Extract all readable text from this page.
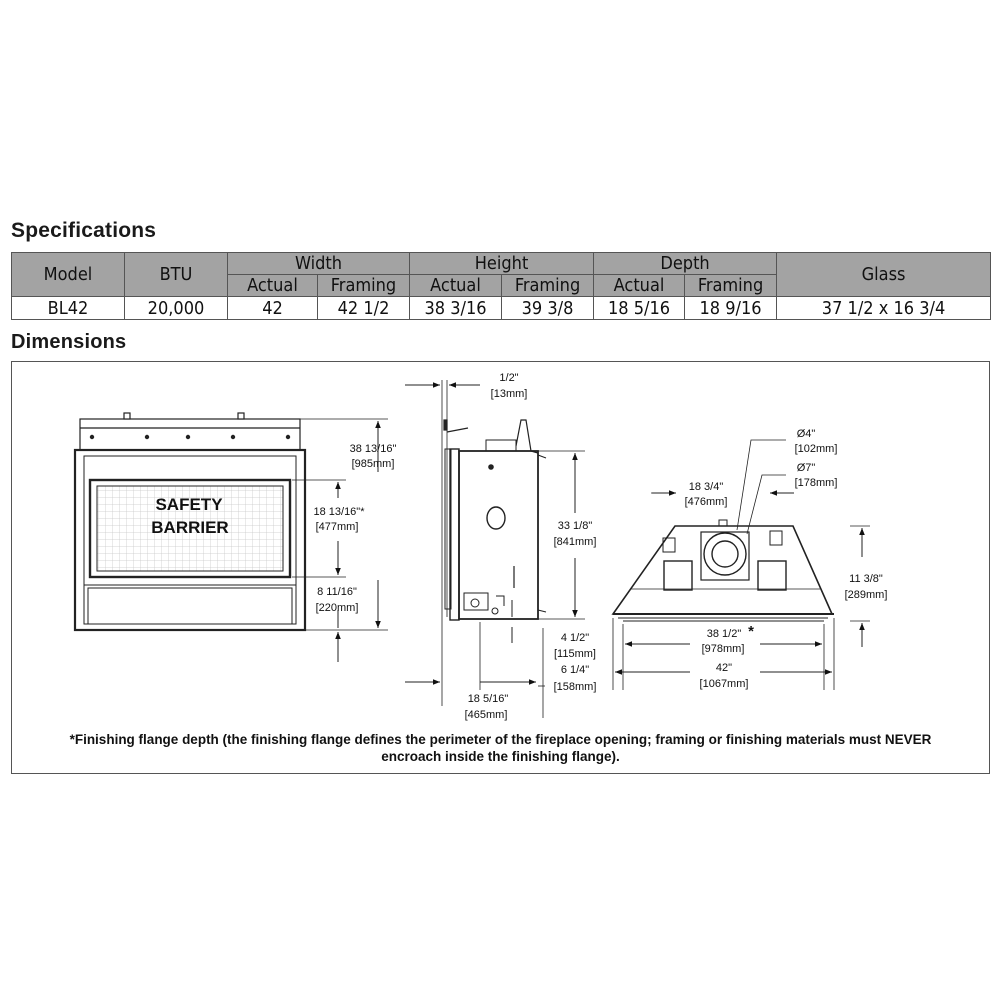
Specifications
Model	BTU	Width		Height		Depth		Glass
		Actual	Framing	Actual	Framing	Actual	Framing	
BL42	20,000	42	42 1/2	38 3/16	39 3/8	18 5/16	18 9/16	37 1/2 x 16 3/4
Dimensions
SAFETY
BARRIER
38 13/16"
[985mm]
18 13/16"*
[477mm]
8 11/16"
[220mm]
1/2"
[13mm]
33 1/8"
[841mm]
4 1/2"
[115mm]
6 1/4"
[158mm]
18 5/16"
[465mm]
Ø4"
[102mm]
Ø7"
[178mm]
18 3/4"
[476mm]
11 3/8"
[289mm]
38 1/2" *
[978mm]
42"
[1067mm]
*Finishing flange depth (the finishing flange defines the perimeter of the fireplace opening; framing or finishing materials must NEVER
encroach inside the finishing flange).
